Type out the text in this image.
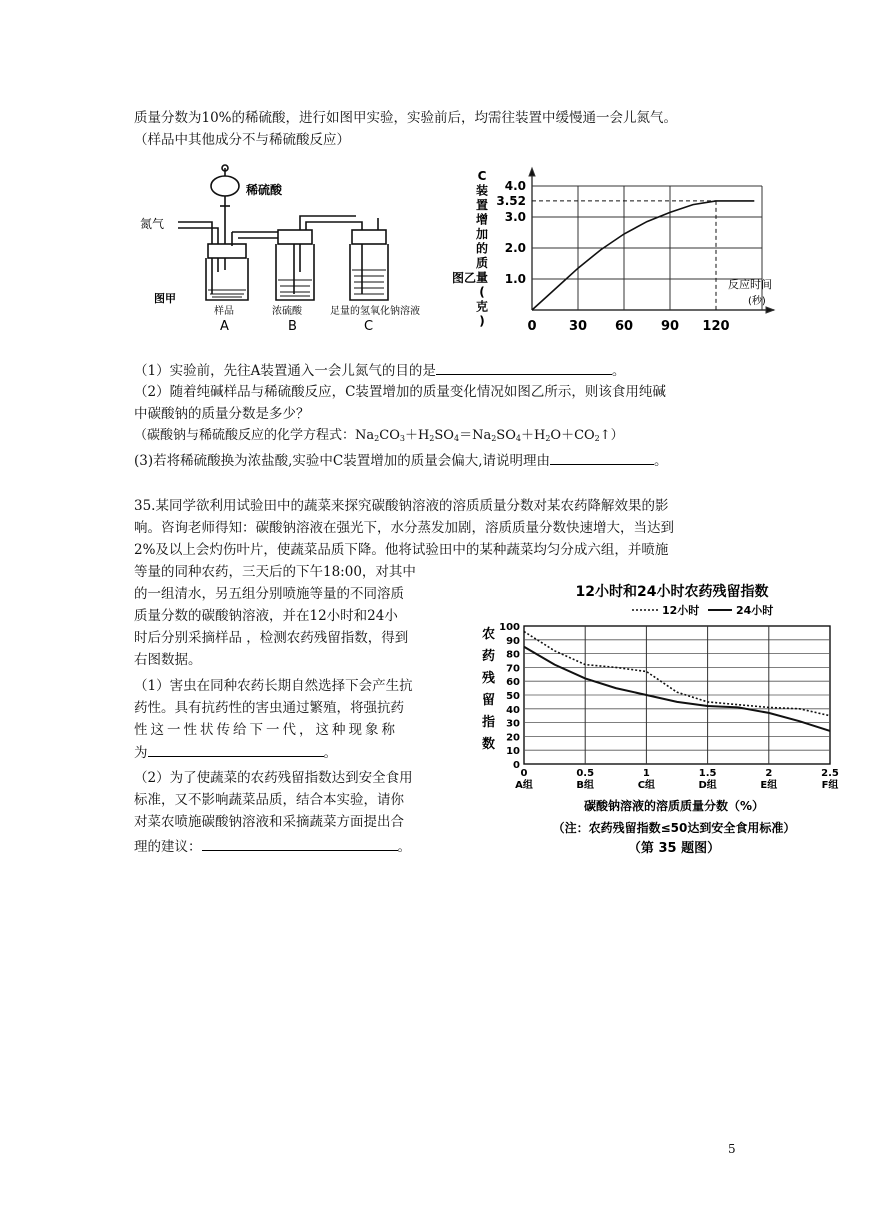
质量分数为10%的稀硫酸，进行如图甲实验，实验前后，均需往装置中缓慢通一会儿氮气。
（样品中其他成分不与稀硫酸反应）
氮气
稀硫酸
图甲
样品
A
浓硫酸
B
足量的氢氧化钠溶液
C
图乙
C
装
置
增
加
的
质
量
(
克
)
4.0
3.52
3.0
2.0
1.0
0 30 60 90 120
反应时间
(秒)
（1）实验前，先往A装置通入一会儿氮气的目的是	。
（2）随着纯碱样品与稀硫酸反应，C装置增加的质量变化情况如图乙所示，则该食用纯碱
中碳酸钠的质量分数是多少？
（碳酸钠与稀硫酸反应的化学方程式：$Na_2CO_3+H_2SO_4=Na_2SO_4+H_2O+CO_2↑$）
(3)若将稀硫酸换为浓盐酸,实验中C装置增加的质量会偏大,请说明理由	。
35.某同学欲利用试验田中的蔬菜来探究碳酸钠溶液的溶质质量分数对某农药降解效果的影
响。咨询老师得知：碳酸钠溶液在强光下，水分蒸发加剧，溶质质量分数快速增大，当达到
2%及以上会灼伤叶片，使蔬菜品质下降。他将试验田中的某种蔬菜均匀分成六组，并喷施
等量的同种农药，三天后的下午18:00，对其中
的一组清水，另五组分别喷施等量的不同溶质
质量分数的碳酸钠溶液，并在12小时和24小
时后分别采摘样品 ，检测农药残留指数，得到
右图数据。
（1）害虫在同种农药长期自然选择下会产生抗
药性。具有抗药性的害虫通过繁殖，将强抗药
性这一性状传给下一代，这种现象称
为	。
（2）为了使蔬菜的农药残留指数达到安全食用
标准，又不影响蔬菜品质，结合本实验，请你
对菜农喷施碳酸钠溶液和采摘蔬菜方面提出合
理的建议：	。
12小时和24小时农药残留指数
12小时	24小时
农
药
残
留
指
数
100
90
80
70
60
50
40
30
20
10
0
0
A组
0.5
B组
1
C组
1.5
D组
2
E组
2.5
F组
碳酸钠溶液的溶质质量分数（%）
（注：农药残留指数≤50达到安全食用标准）
（第 35 题图）
5
